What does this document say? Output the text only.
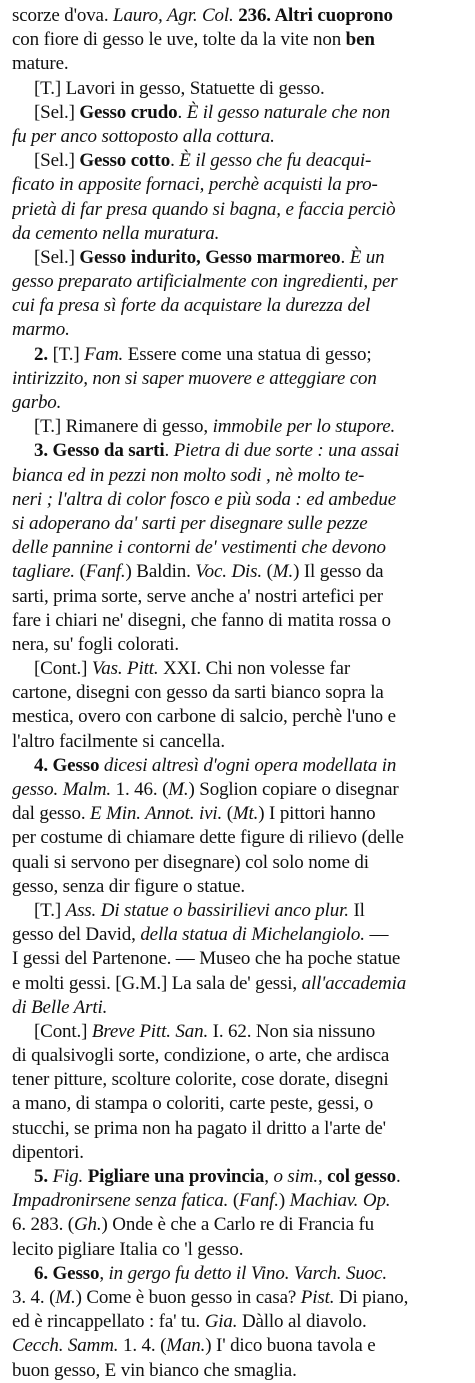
scorze d'ova. Lauro, Agr. Col. 236. Altri cuoprono
con fiore di gesso le uve, tolte da la vite non ben
mature.
[T.] Lavori in gesso, Statuette di gesso.
[Sel.] Gesso crudo. È il gesso naturale che non
fu per anco sottoposto alla cottura.
[Sel.] Gesso cotto. È il gesso che fu deacqui-
ficato in apposite fornaci, perchè acquisti la pro-
prietà di far presa quando si bagna, e faccia perciò
da cemento nella muratura.
[Sel.] Gesso indurito, Gesso marmoreo. È un
gesso preparato artificialmente con ingredienti, per
cui fa presa sì forte da acquistare la durezza del
marmo.
2. [T.] Fam. Essere come una statua di gesso;
intirizzito, non si saper muovere e atteggiare con
garbo.
[T.] Rimanere di gesso, immobile per lo stupore.
3. Gesso da sarti. Pietra di due sorte : una assai
bianca ed in pezzi non molto sodi , nè molto te-
neri ; l'altra di color fosco e più soda : ed ambedue
si adoperano da' sarti per disegnare sulle pezze
delle pannine i contorni de' vestimenti che devono
tagliare. (Fanf.) Baldin. Voc. Dis. (M.) Il gesso da
sarti, prima sorte, serve anche a' nostri artefici per
fare i chiari ne' disegni, che fanno di matita rossa o
nera, su' fogli colorati.
[Cont.] Vas. Pitt. XXI. Chi non volesse far
cartone, disegni con gesso da sarti bianco sopra la
mestica, overo con carbone di salcio, perchè l'uno e
l'altro facilmente si cancella.
4. Gesso dicesi altresì d'ogni opera modellata in
gesso. Malm. 1. 46. (M.) Soglion copiare o disegnar
dal gesso. E Min. Annot. ivi. (Mt.) I pittori hanno
per costume di chiamare dette figure di rilievo (delle
quali si servono per disegnare) col solo nome di
gesso, senza dir figure o statue.
[T.] Ass. Di statue o bassirilievi anco plur. Il
gesso del David, della statua di Michelangiolo. —
I gessi del Partenone. — Museo che ha poche statue
e molti gessi. [G.M.] La sala de' gessi, all'accademia
di Belle Arti.
[Cont.] Breve Pitt. San. I. 62. Non sia nissuno
di qualsivogli sorte, condizione, o arte, che ardisca
tener pitture, scolture colorite, cose dorate, disegni
a mano, di stampa o coloriti, carte peste, gessi, o
stucchi, se prima non ha pagato il dritto a l'arte de'
dipentori.
5. Fig. Pigliare una provincia, o sim., col gesso.
Impadronirsene senza fatica. (Fanf.) Machiav. Op.
6. 283. (Gh.) Onde è che a Carlo re di Francia fu
lecito pigliare Italia co 'l gesso.
6. Gesso, in gergo fu detto il Vino. Varch. Suoc.
3. 4. (M.) Come è buon gesso in casa? Pist. Di piano,
ed è rincappellato : fa' tu. Gia. Dàllo al diavolo.
Cecch. Samm. 1. 4. (Man.) I' dico buona tavola e
buon gesso, E vin bianco che smaglia.
